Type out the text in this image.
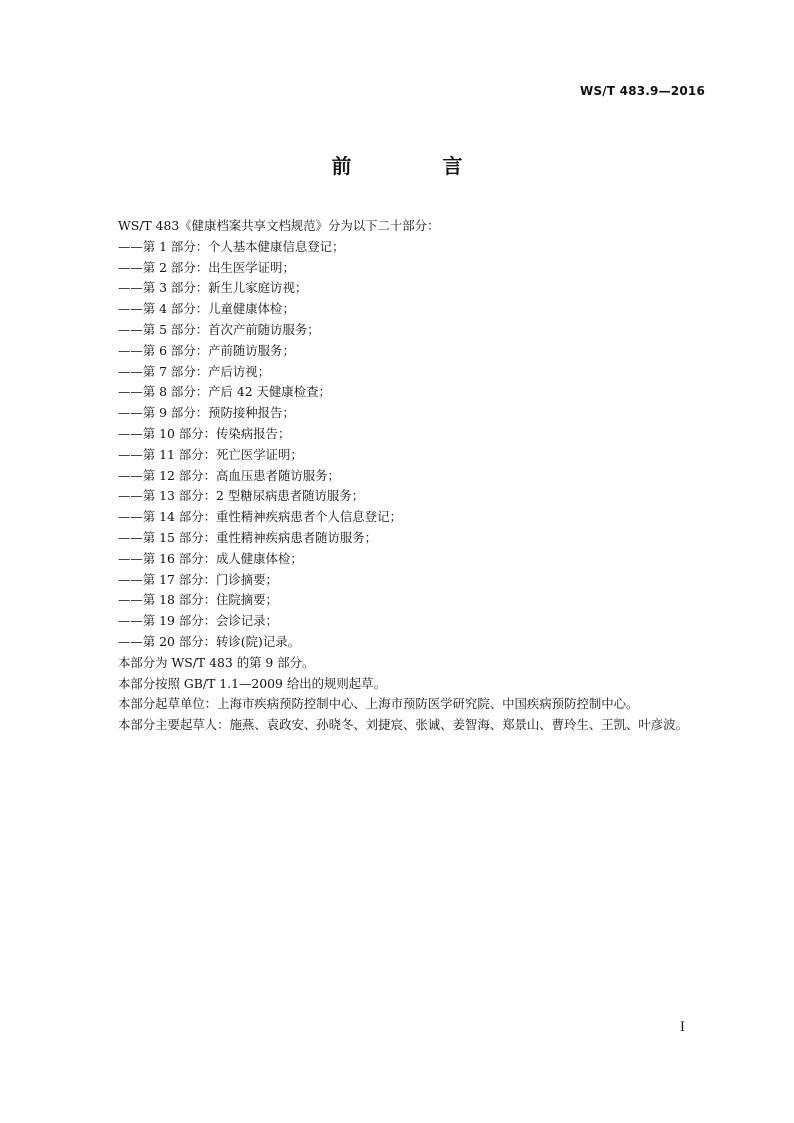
WS/T 483.9—2016
前 言
WS/T 483《健康档案共享文档规范》分为以下二十部分：
——第 1 部分：个人基本健康信息登记；
——第 2 部分：出生医学证明；
——第 3 部分：新生儿家庭访视；
——第 4 部分：儿童健康体检；
——第 5 部分：首次产前随访服务；
——第 6 部分：产前随访服务；
——第 7 部分：产后访视；
——第 8 部分：产后 42 天健康检查；
——第 9 部分：预防接种报告；
——第 10 部分：传染病报告；
——第 11 部分：死亡医学证明；
——第 12 部分：高血压患者随访服务；
——第 13 部分：2 型糖尿病患者随访服务；
——第 14 部分：重性精神疾病患者个人信息登记；
——第 15 部分：重性精神疾病患者随访服务；
——第 16 部分：成人健康体检；
——第 17 部分：门诊摘要；
——第 18 部分：住院摘要；
——第 19 部分：会诊记录；
——第 20 部分：转诊(院)记录。
本部分为 WS/T 483 的第 9 部分。
本部分按照 GB/T 1.1—2009 给出的规则起草。
本部分起草单位：上海市疾病预防控制中心、上海市预防医学研究院、中国疾病预防控制中心。
本部分主要起草人：施燕、袁政安、孙晓冬、刘捷宸、张诚、姜智海、郑景山、曹玲生、王凯、叶彦波。
I
